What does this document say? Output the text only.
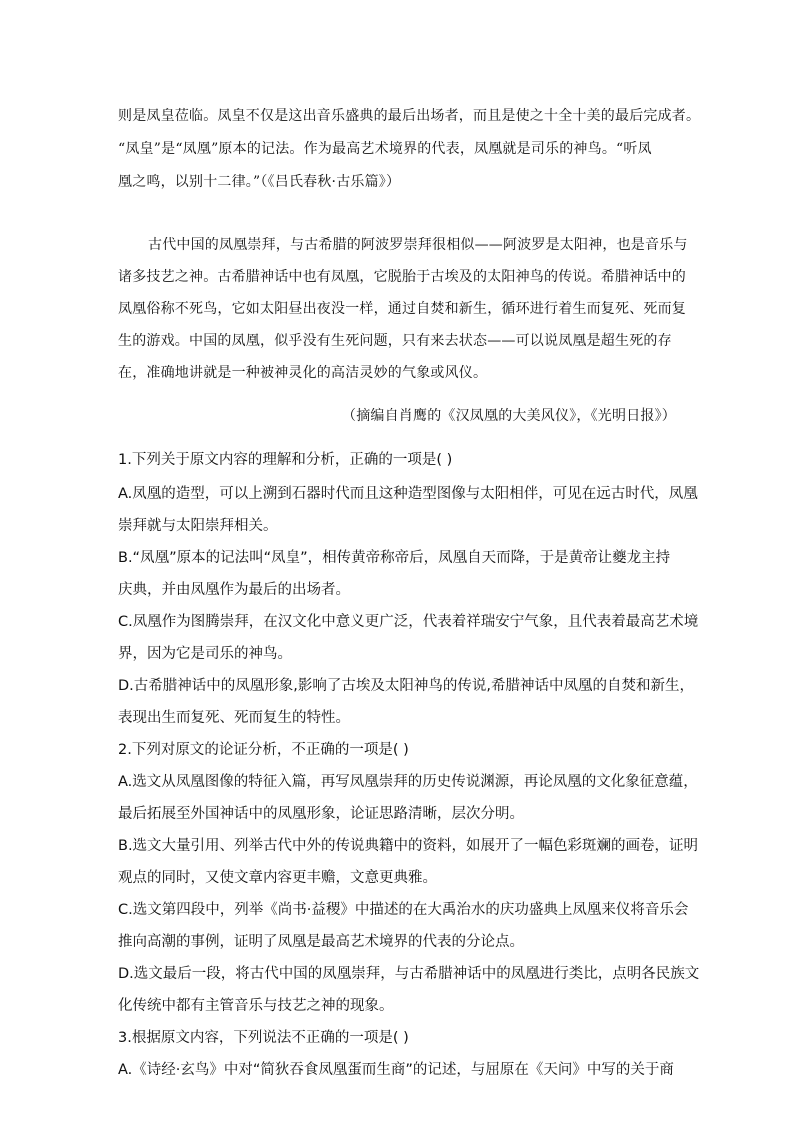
则是凤皇莅临。凤皇不仅是这出音乐盛典的最后出场者，而且是使之十全十美的最后完成者。
“凤皇”是“凤凰”原本的记法。作为最高艺术境界的代表，凤凰就是司乐的神鸟。“听凤
凰之鸣，以别十二律。”（《吕氏春秋·古乐篇》）
古代中国的凤凰崇拜，与古希腊的阿波罗崇拜很相似——阿波罗是太阳神，也是音乐与
诸多技艺之神。古希腊神话中也有凤凰，它脱胎于古埃及的太阳神鸟的传说。希腊神话中的
凤凰俗称不死鸟，它如太阳昼出夜没一样，通过自焚和新生，循环进行着生而复死、死而复
生的游戏。中国的凤凰，似乎没有生死问题，只有来去状态——可以说凤凰是超生死的存
在，准确地讲就是一种被神灵化的高洁灵妙的气象或风仪。
（摘编自肖鹰的《汉凤凰的大美风仪》，《光明日报》）
1.下列关于原文内容的理解和分析，正确的一项是( )
A.凤凰的造型，可以上溯到石器时代而且这种造型图像与太阳相伴，可见在远古时代，凤凰
崇拜就与太阳崇拜相关。
B.“凤凰”原本的记法叫“凤皇”，相传黄帝称帝后，凤凰自天而降，于是黄帝让夔龙主持
庆典，并由凤凰作为最后的出场者。
C.凤凰作为图腾崇拜，在汉文化中意义更广泛，代表着祥瑞安宁气象，且代表着最高艺术境
界，因为它是司乐的神鸟。
D.古希腊神话中的凤凰形象,影响了古埃及太阳神鸟的传说,希腊神话中凤凰的自焚和新生，
表现出生而复死、死而复生的特性。
2.下列对原文的论证分析，不正确的一项是( )
A.选文从凤凰图像的特征入篇，再写凤凰崇拜的历史传说渊源，再论凤凰的文化象征意蕴，
最后拓展至外国神话中的凤凰形象，论证思路清晰，层次分明。
B.选文大量引用、列举古代中外的传说典籍中的资料，如展开了一幅色彩斑斓的画卷，证明
观点的同时，又使文章内容更丰赡，文意更典雅。
C.选文第四段中，列举《尚书·益稷》中描述的在大禹治水的庆功盛典上凤凰来仪将音乐会
推向高潮的事例，证明了凤凰是最高艺术境界的代表的分论点。
D.选文最后一段，将古代中国的凤凰崇拜，与古希腊神话中的凤凰进行类比，点明各民族文
化传统中都有主管音乐与技艺之神的现象。
3.根据原文内容，下列说法不正确的一项是( )
A.《诗经·玄鸟》中对“简狄吞食凤凰蛋而生商”的记述，与屈原在《天问》中写的关于商
